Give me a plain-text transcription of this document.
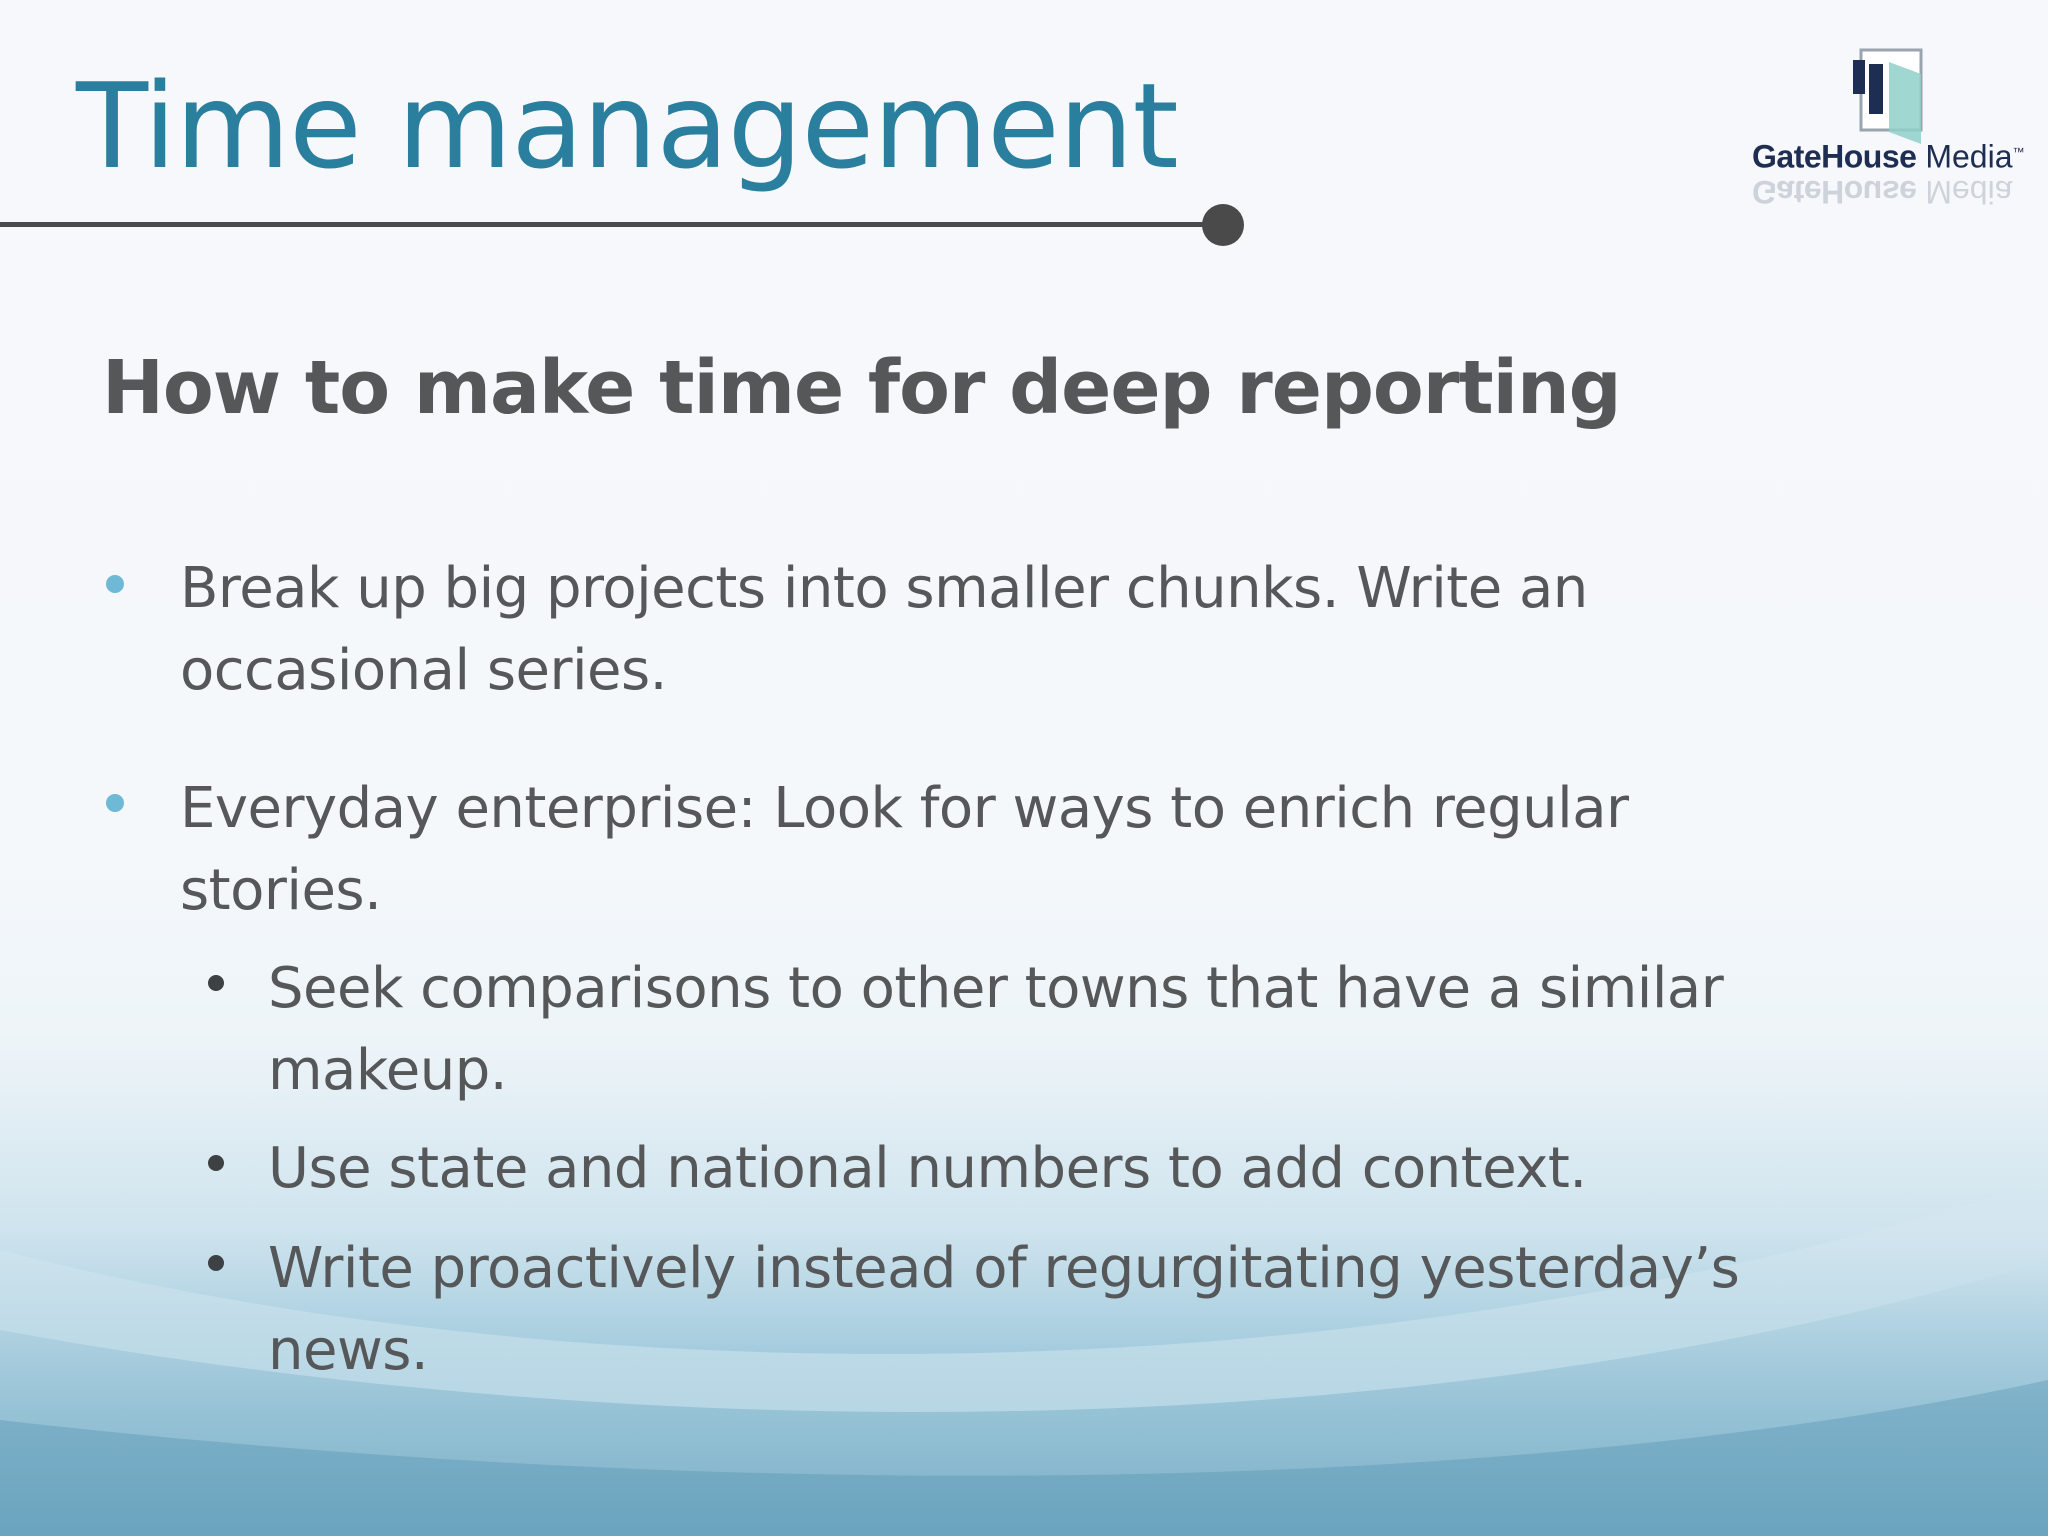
Time management	GateHouse Media™
GateHouse Media
How to make time for deep reporting
Break up big projects into smaller chunks. Write an
occasional series.
Everyday enterprise: Look for ways to enrich regular
stories.
Seek comparisons to other towns that have a similar
makeup.
Use state and national numbers to add context.
Write proactively instead of regurgitating yesterday’s
news.
